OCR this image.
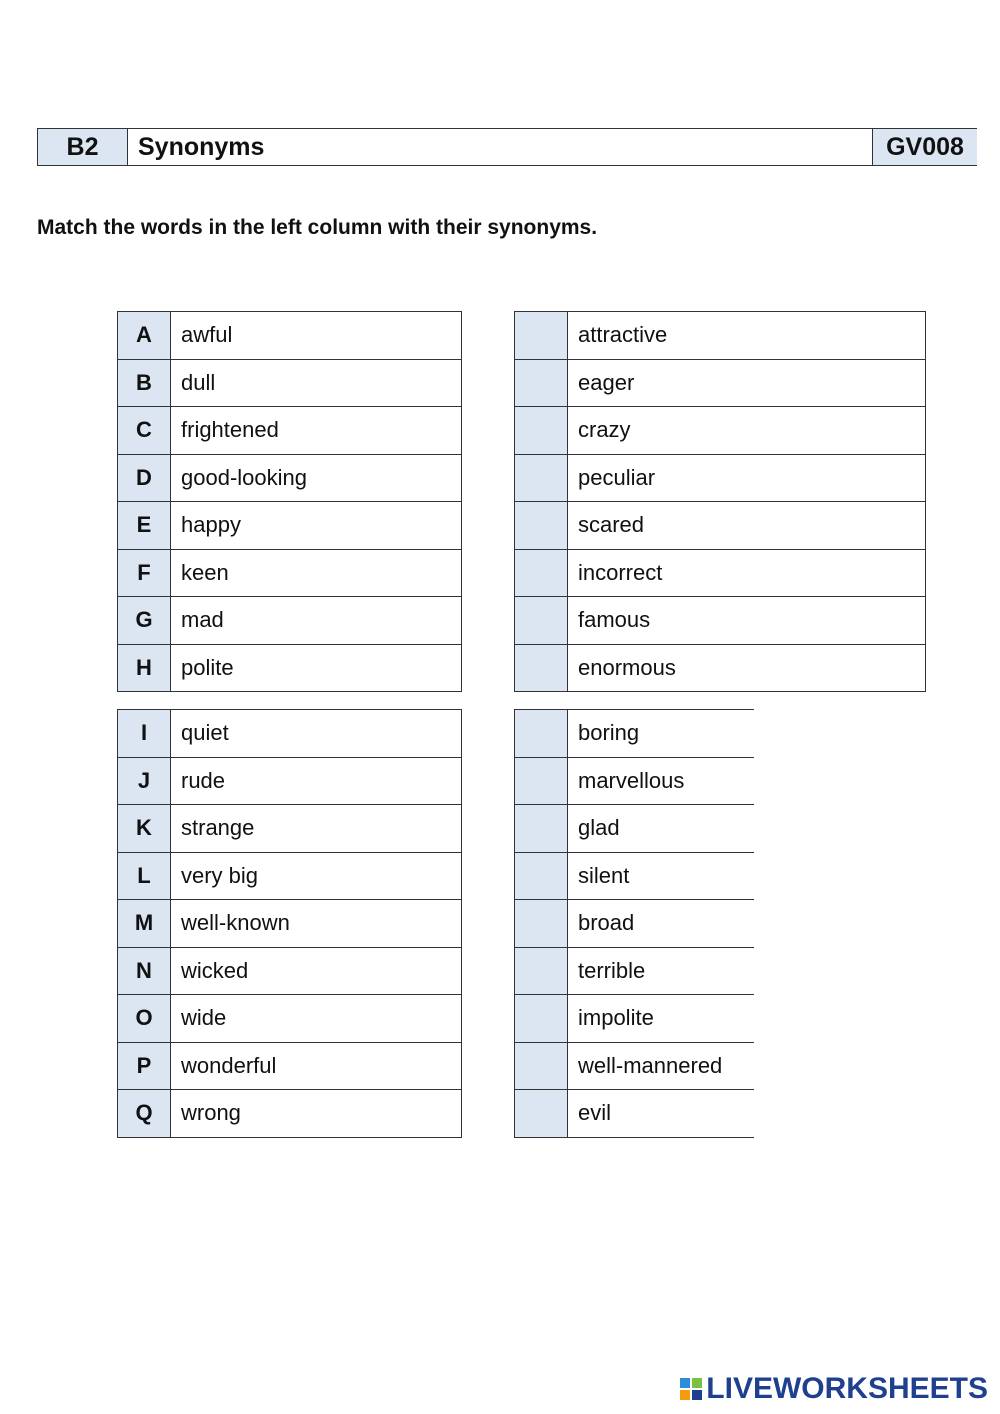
B2	Synonyms	GV008
Match the words in the left column with their synonyms.
A	awful
B	dull
C	frightened
D	good-looking
E	happy
F	keen
G	mad
H	polite
I	quiet
J	rude
K	strange
L	very big
M	well-known
N	wicked
O	wide
P	wonderful
Q	wrong
	attractive
	eager
	crazy
	peculiar
	scared
	incorrect
	famous
	enormous
	boring
	marvellous
	glad
	silent
	broad
	terrible
	impolite
	well-mannered
	evil
LIVEWORKSHEETS
